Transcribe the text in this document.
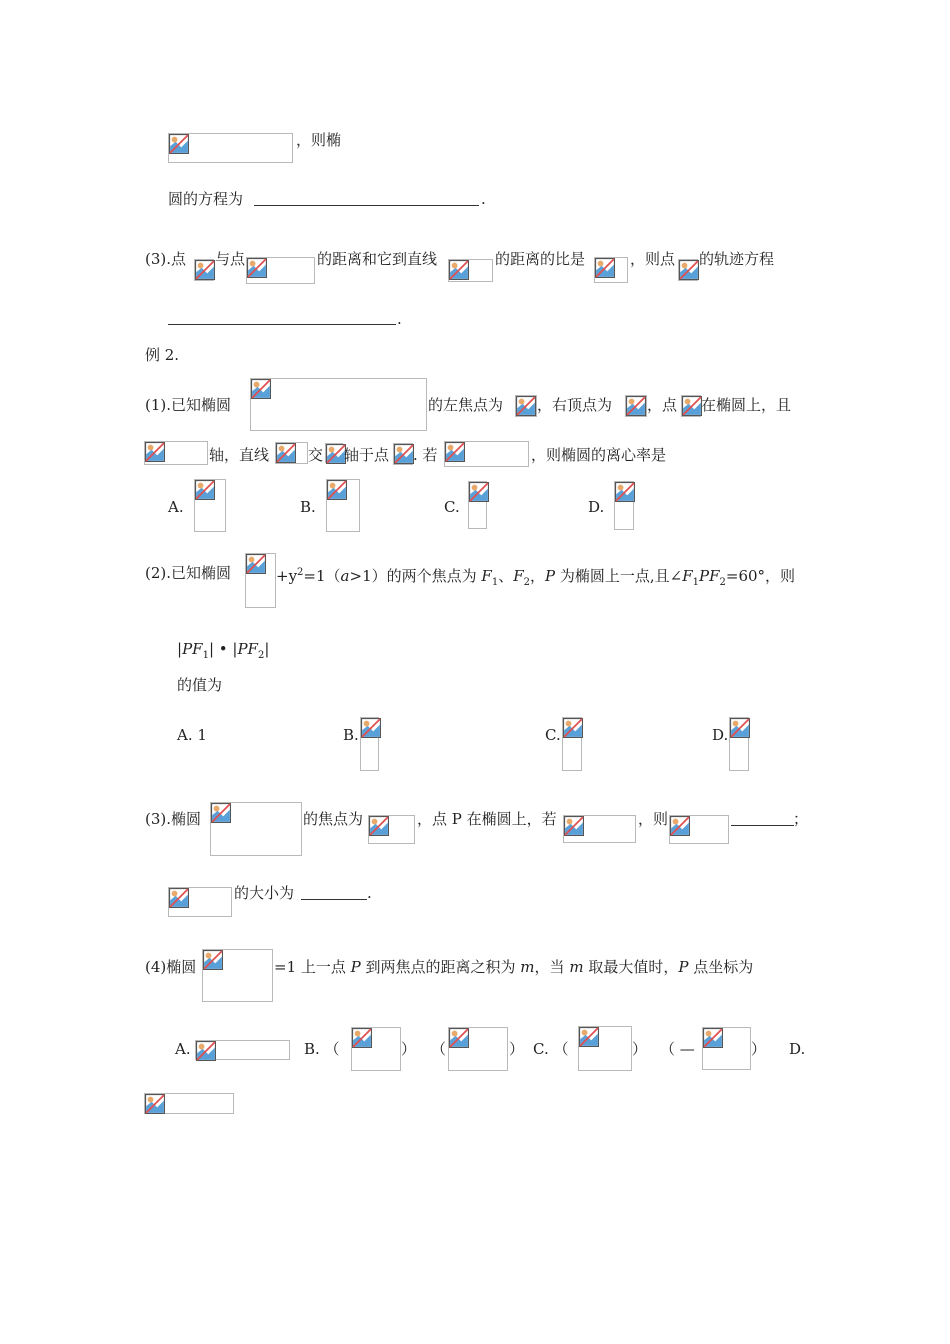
，则椭
圆的方程为	.
(3).点 与点	的距离和它到直线	的距离的比是	，则点 的轨迹方程
.
例 2.
(1).已知椭圆	的左焦点为 ，右顶点为 ，点 在椭圆上，且
轴，直线	交 轴于点 . 若	，则椭圆的离心率是
A.	B.	C.	D.
(2).已知椭圆	$+y^2=1(a>1)$的两个焦点为 $F_1$、$F_2$，P 为椭圆上一点,且$\angle F_1PF_2=60^\circ$，则
$|PF_1|$ • $|PF_2|$
的值为
A. 1	B.	C.	D.
(3).椭圆	的焦点为	，点 P 在椭圆上，若	，则	；
的大小为	.
(4)椭圆	=1 上一点 P 到两焦点的距离之积为 m，当 m 取最大值时，P 点坐标为
A.	B. （	） （	） C. （	） （ —	） D.
